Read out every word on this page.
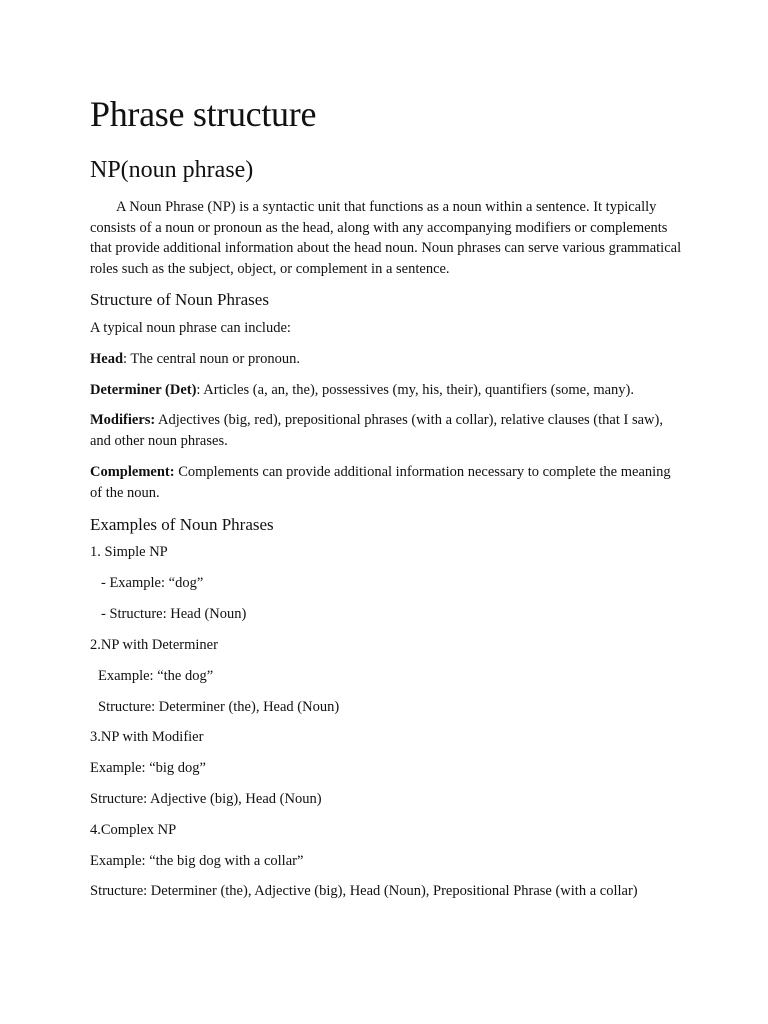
Phrase structure
NP(noun phrase)

A Noun Phrase (NP) is a syntactic unit that functions as a noun within a sentence. It typically consists of a noun or pronoun as the head, along with any accompanying modifiers or complements that provide additional information about the head noun. Noun phrases can serve various grammatical roles such as the subject, object, or complement in a sentence.

Structure of Noun Phrases

A typical noun phrase can include:

Head: The central noun or pronoun.

Determiner (Det): Articles (a, an, the), possessives (my, his, their), quantifiers (some, many).

Modifiers: Adjectives (big, red), prepositional phrases (with a collar), relative clauses (that I saw), and other noun phrases.

Complement: Complements can provide additional information necessary to complete the meaning of the noun.

Examples of Noun Phrases

1. Simple NP

- Example: “dog”

- Structure: Head (Noun)

2.NP with Determiner

Example: “the dog”

Structure: Determiner (the), Head (Noun)

3.NP with Modifier

Example: “big dog”

Structure: Adjective (big), Head (Noun)

4.Complex NP

Example: “the big dog with a collar”

Structure: Determiner (the), Adjective (big), Head (Noun), Prepositional Phrase (with a collar)
